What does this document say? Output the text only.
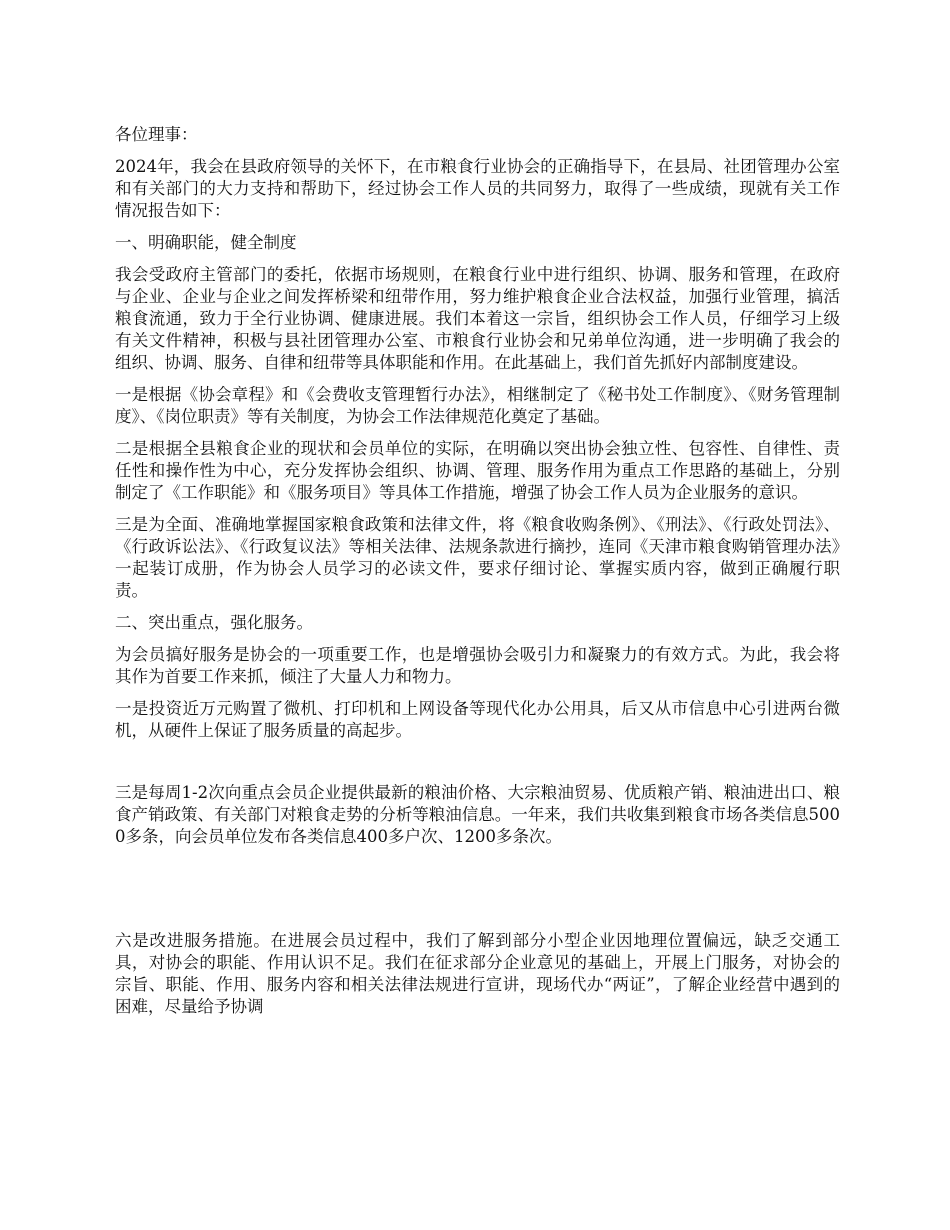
各位理事：

2024年，我会在县政府领导的关怀下，在市粮食行业协会的正确指导下，在县局、社团管理办公室和有关部门的大力支持和帮助下，经过协会工作人员的共同努力，取得了一些成绩，现就有关工作情况报告如下：

一、明确职能，健全制度

我会受政府主管部门的委托，依据市场规则，在粮食行业中进行组织、协调、服务和管理，在政府与企业、企业与企业之间发挥桥梁和纽带作用，努力维护粮食企业合法权益，加强行业管理，搞活粮食流通，致力于全行业协调、健康进展。我们本着这一宗旨，组织协会工作人员，仔细学习上级有关文件精神，积极与县社团管理办公室、市粮食行业协会和兄弟单位沟通，进一步明确了我会的组织、协调、服务、自律和纽带等具体职能和作用。在此基础上，我们首先抓好内部制度建设。

一是根据《协会章程》和《会费收支管理暂行办法》，相继制定了《秘书处工作制度》、《财务管理制度》、《岗位职责》等有关制度，为协会工作法律规范化奠定了基础。

二是根据全县粮食企业的现状和会员单位的实际，在明确以突出协会独立性、包容性、自律性、责任性和操作性为中心，充分发挥协会组织、协调、管理、服务作用为重点工作思路的基础上，分别制定了《工作职能》和《服务项目》等具体工作措施，增强了协会工作人员为企业服务的意识。

三是为全面、准确地掌握国家粮食政策和法律文件，将《粮食收购条例》、《刑法》、《行政处罚法》、《行政诉讼法》、《行政复议法》等相关法律、法规条款进行摘抄，连同《天津市粮食购销管理办法》一起装订成册，作为协会人员学习的必读文件，要求仔细讨论、掌握实质内容，做到正确履行职责。

二、突出重点，强化服务。

为会员搞好服务是协会的一项重要工作，也是增强协会吸引力和凝聚力的有效方式。为此，我会将其作为首要工作来抓，倾注了大量人力和物力。

一是投资近万元购置了微机、打印机和上网设备等现代化办公用具，后又从市信息中心引进两台微机，从硬件上保证了服务质量的高起步。

三是每周1-2次向重点会员企业提供最新的粮油价格、大宗粮油贸易、优质粮产销、粮油进出口、粮食产销政策、有关部门对粮食走势的分析等粮油信息。一年来，我们共收集到粮食市场各类信息5000多条，向会员单位发布各类信息400多户次、1200多条次。

六是改进服务措施。在进展会员过程中，我们了解到部分小型企业因地理位置偏远，缺乏交通工具，对协会的职能、作用认识不足。我们在征求部分企业意见的基础上，开展上门服务，对协会的宗旨、职能、作用、服务内容和相关法律法规进行宣讲，现场代办“两证”，了解企业经营中遇到的困难，尽量给予协调
